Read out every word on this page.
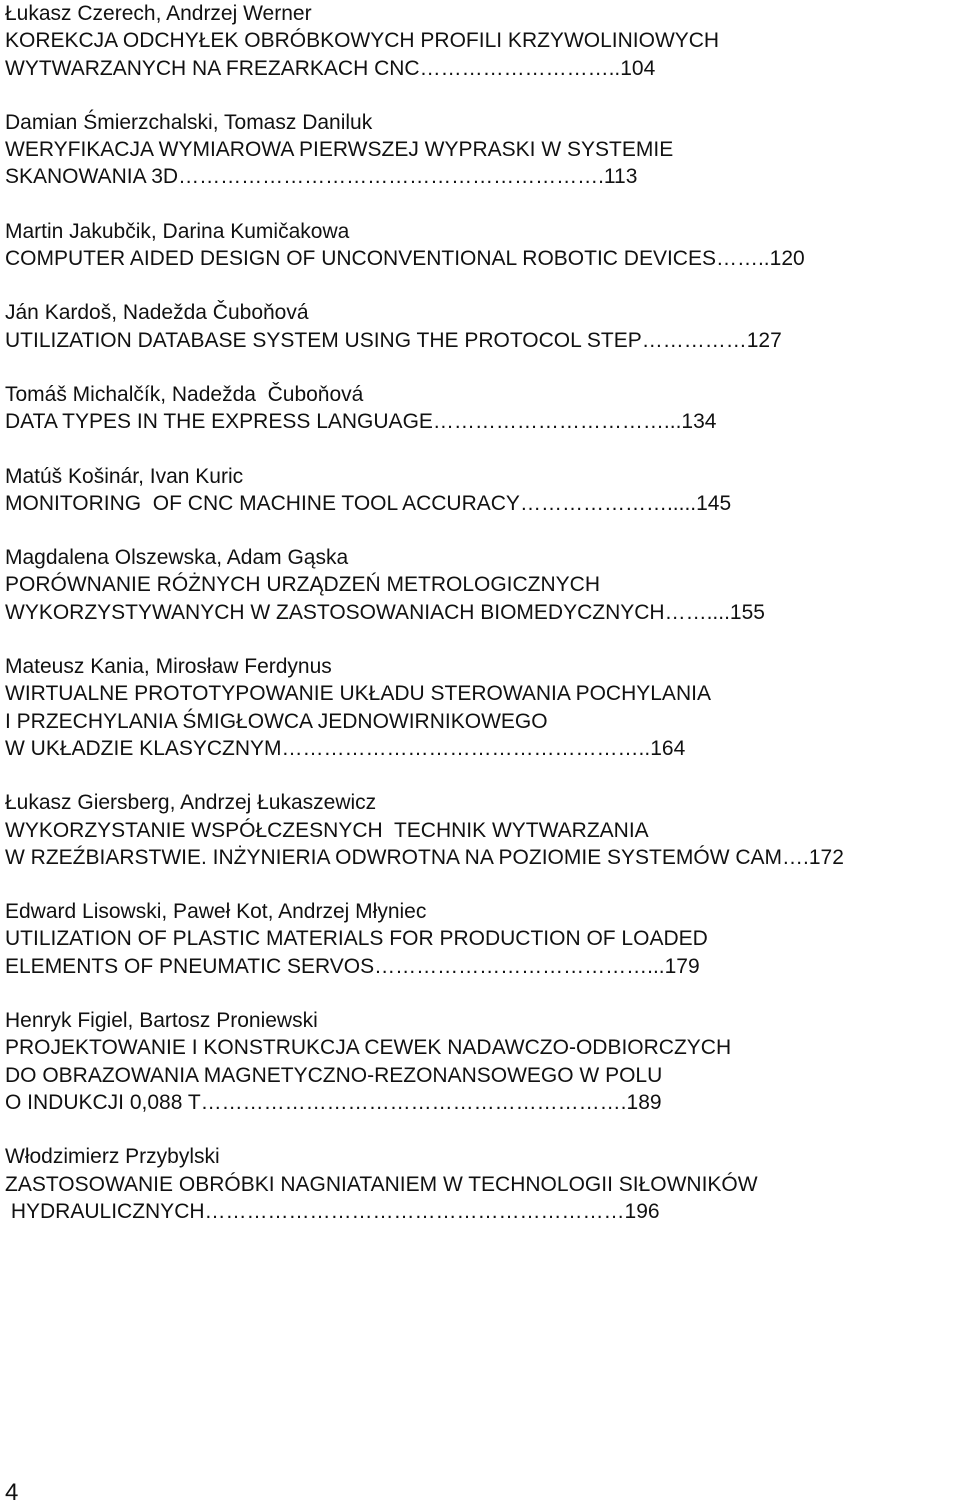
Łukasz Czerech, Andrzej Werner
KOREKCJA ODCHYŁEK OBRÓBKOWYCH PROFILI KRZYWOLINIOWYCH
WYTWARZANYCH NA FREZARKACH CNC………………………..104
Damian Śmierzchalski, Tomasz Daniluk
WERYFIKACJA WYMIAROWA PIERWSZEJ WYPRASKI W SYSTEMIE
SKANOWANIA 3D…………………………………………………….113
Martin Jakubčik, Darina Kumičakowa
COMPUTER AIDED DESIGN OF UNCONVENTIONAL ROBOTIC DEVICES……..120
Ján Kardoš, Nadežda Čuboňová
UTILIZATION DATABASE SYSTEM USING THE PROTOCOL STEP……………127
Tomáš Michalčík, Nadežda  Čuboňová
DATA TYPES IN THE EXPRESS LANGUAGE……………………………...134
Matúš Košinár, Ivan Kuric
MONITORING  OF CNC MACHINE TOOL ACCURACY………………….....145
Magdalena Olszewska, Adam Gąska
PORÓWNANIE RÓŻNYCH URZĄDZEŃ METROLOGICZNYCH
WYKORZYSTYWANYCH W ZASTOSOWANIACH BIOMEDYCZNYCH……....155
Mateusz Kania, Mirosław Ferdynus
WIRTUALNE PROTOTYPOWANIE UKŁADU STEROWANIA POCHYLANIA
I PRZECHYLANIA ŚMIGŁOWCA JEDNOWIRNIKOWEGO
W UKŁADZIE KLASYCZNYM……………………………………………..164
Łukasz Giersberg, Andrzej Łukaszewicz
WYKORZYSTANIE WSPÓŁCZESNYCH  TECHNIK WYTWARZANIA
W RZEŹBIARSTWIE. INŻYNIERIA ODWROTNA NA POZIOMIE SYSTEMÓW CAM….172
Edward Lisowski, Paweł Kot, Andrzej Młyniec
UTILIZATION OF PLASTIC MATERIALS FOR PRODUCTION OF LOADED
ELEMENTS OF PNEUMATIC SERVOS…………………………………...179
Henryk Figiel, Bartosz Proniewski
PROJEKTOWANIE I KONSTRUKCJA CEWEK NADAWCZO-ODBIORCZYCH
DO OBRAZOWANIA MAGNETYCZNO-REZONANSOWEGO W POLU
O INDUKCJI 0,088 T…………………………………………………….189
Włodzimierz Przybylski
ZASTOSOWANIE OBRÓBKI NAGNIATANIEM W TECHNOLOGII SIŁOWNIKÓW
HYDRAULICZNYCH……………………………………………………196
4
